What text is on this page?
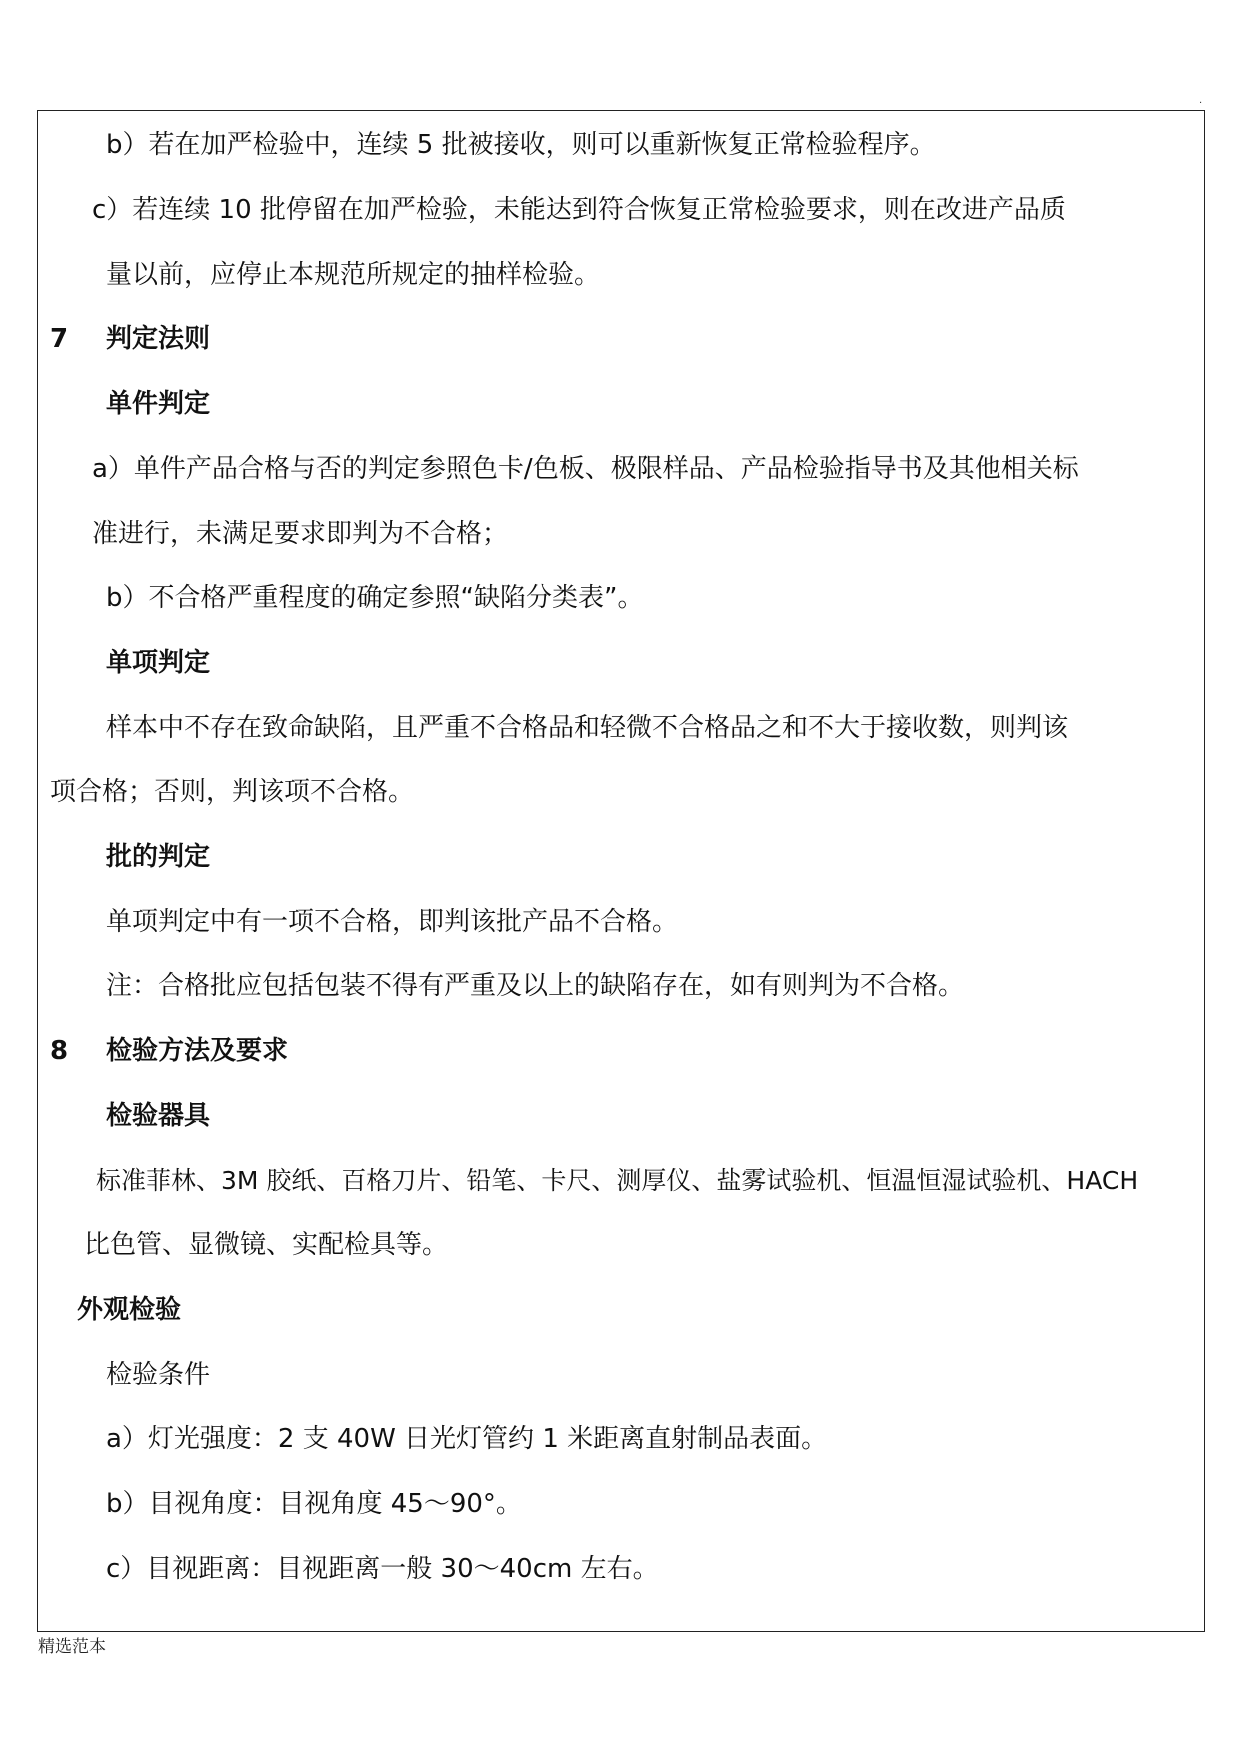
.
b）若在加严检验中，连续 5 批被接收，则可以重新恢复正常检验程序。
c）若连续 10 批停留在加严检验，未能达到符合恢复正常检验要求，则在改进产品质
量以前，应停止本规范所规定的抽样检验。
7 判定法则
单件判定
a）单件产品合格与否的判定参照色卡/色板、极限样品、产品检验指导书及其他相关标
准进行，未满足要求即判为不合格；
b）不合格严重程度的确定参照“缺陷分类表”。
单项判定
样本中不存在致命缺陷，且严重不合格品和轻微不合格品之和不大于接收数，则判该
项合格；否则，判该项不合格。
批的判定
单项判定中有一项不合格，即判该批产品不合格。
注：合格批应包括包装不得有严重及以上的缺陷存在，如有则判为不合格。
8 检验方法及要求
检验器具
标准菲林、3M 胶纸、百格刀片、铅笔、卡尺、测厚仪、盐雾试验机、恒温恒湿试验机、HACH
比色管、显微镜、实配检具等。
外观检验
检验条件
a）灯光强度：2 支 40W 日光灯管约 1 米距离直射制品表面。
b）目视角度：目视角度 45～90°。
c）目视距离：目视距离一般 30～40cm 左右。
精选范本
